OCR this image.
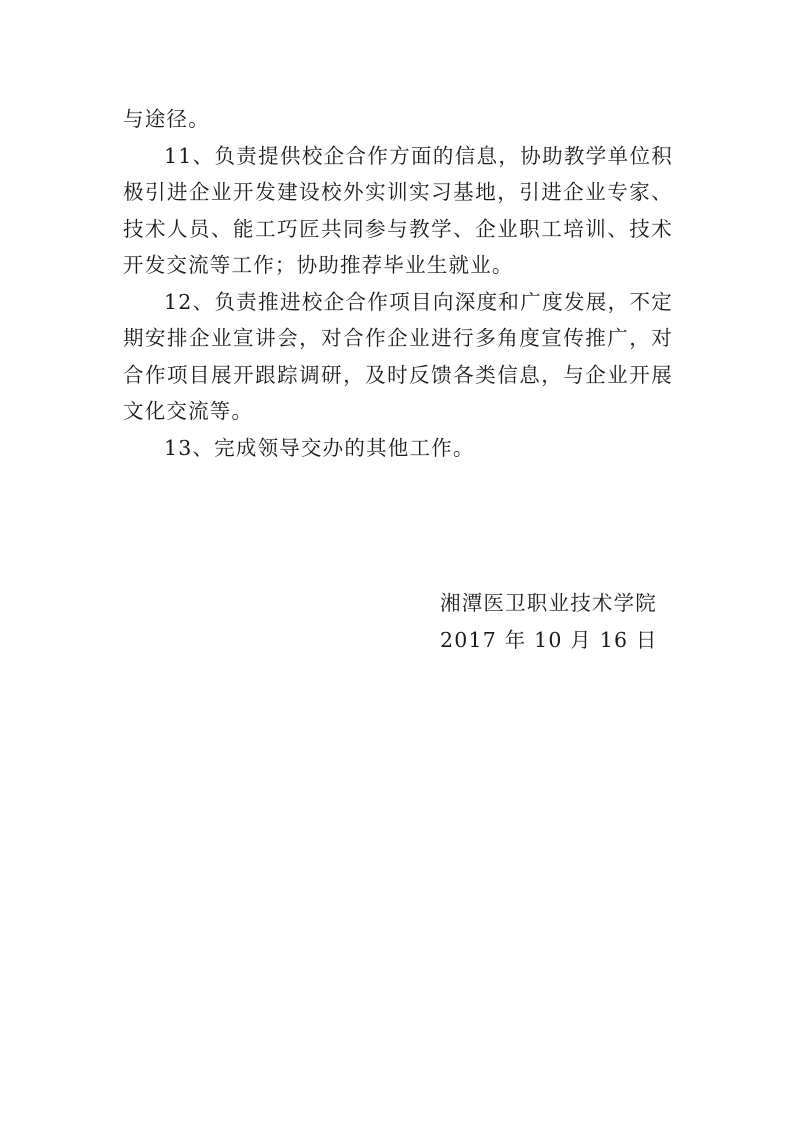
与途径。

11、负责提供校企合作方面的信息，协助教学单位积极引进企业开发建设校外实训实习基地，引进企业专家、技术人员、能工巧匠共同参与教学、企业职工培训、技术开发交流等工作；协助推荐毕业生就业。

12、负责推进校企合作项目向深度和广度发展，不定期安排企业宣讲会，对合作企业进行多角度宣传推广，对合作项目展开跟踪调研，及时反馈各类信息，与企业开展文化交流等。

13、完成领导交办的其他工作。

湘潭医卫职业技术学院
2017 年 10 月 16 日
